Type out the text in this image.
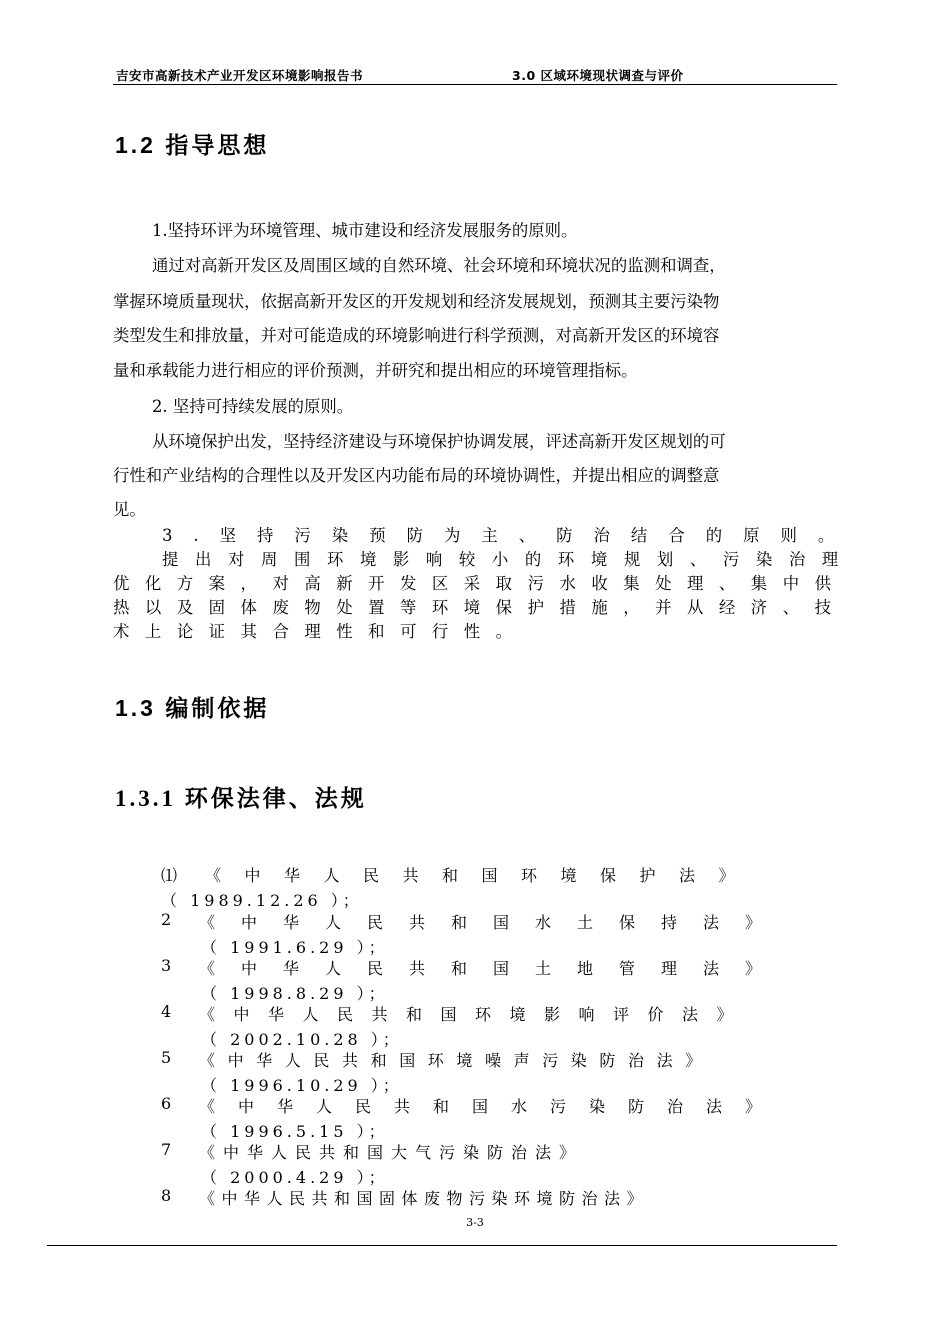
吉安市高新技术产业开发区环境影响报告书	3.0 区域环境现状调查与评价
1.2 指导思想
1.坚持环评为环境管理、城市建设和经济发展服务的原则。
通过对高新开发区及周围区域的自然环境、社会环境和环境状况的监测和调查，
掌握环境质量现状，依据高新开发区的开发规划和经济发展规划，预测其主要污染物
类型发生和排放量，并对可能造成的环境影响进行科学预测，对高新开发区的环境容
量和承载能力进行相应的评价预测，并研究和提出相应的环境管理指标。
2. 坚持可持续发展的原则。
从环境保护出发，坚持经济建设与环境保护协调发展，评述高新开发区规划的可
行性和产业结构的合理性以及开发区内功能布局的环境协调性，并提出相应的调整意
见。
3.坚持污染预防为主、防治结合的原则。
提出对周围环境影响较小的环境规划、污染治理
优化方案，对高新开发区采取污水收集处理、集中供
热以及固体废物处置等环境保护措施，并从经济、技
术上论证其合理性和可行性。
1.3 编制依据
1.3.1 环保法律、法规
⑴ 《中华人民共和国环境保护法》
（ 1989.12.26 ）；
2	《中华人民共和国水土保持法》
（ 1991.6.29 ）；
3	《中华人民共和国土地管理法》
（ 1998.8.29 ）；
4	《中华人民共和国环境影响评价法》
（ 2002.10.28 ）；
5	《中华人民共和国环境噪声污染防治法》
（ 1996.10.29 ）；
6	《中华人民共和国水污染防治法》
（ 1996.5.15 ）；
7	《中华人民共和国大气污染防治法》
（ 2000.4.29 ）；
8	《中华人民共和国固体废物污染环境防治法》
3-3
